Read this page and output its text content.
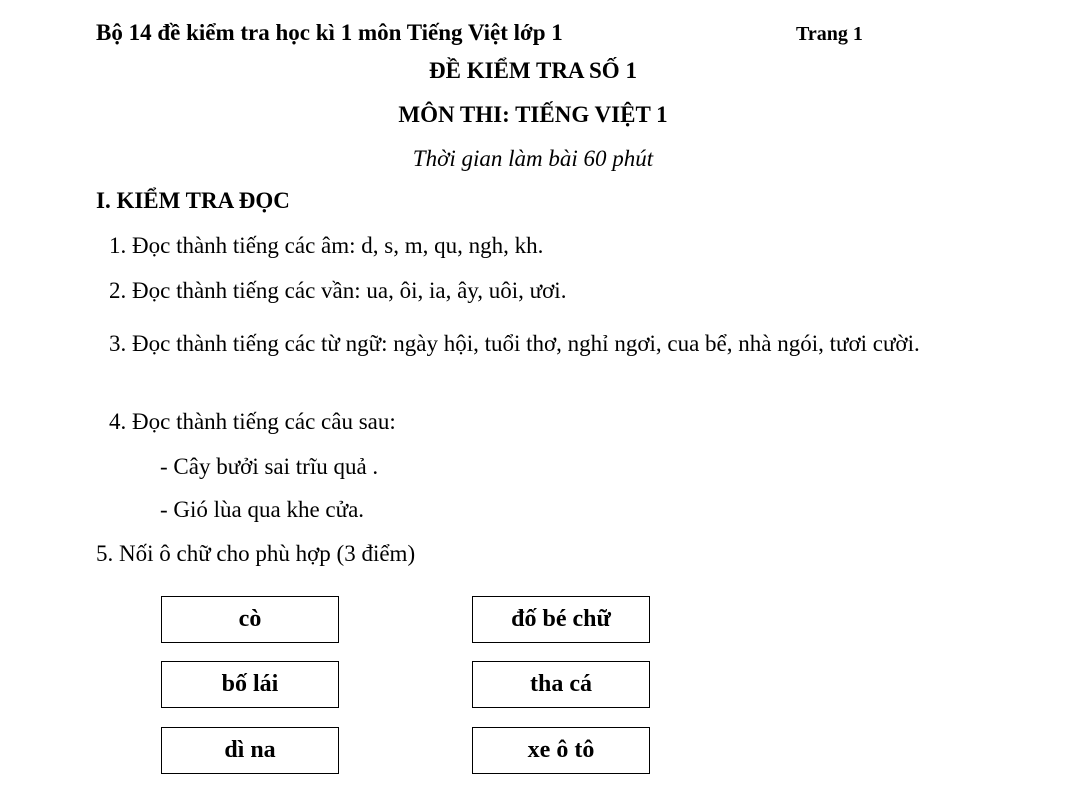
Bộ 14 đề kiểm tra học kì 1 môn Tiếng Việt lớp 1	Trang 1
ĐỀ KIỂM TRA SỐ 1
MÔN THI: TIẾNG VIỆT 1
Thời gian làm bài 60 phút
I. KIỂM TRA ĐỌC
1. Đọc thành tiếng các âm: d, s, m, qu, ngh, kh.
2. Đọc thành tiếng các vần: ua, ôi, ia, ây, uôi, ươi.
3. Đọc thành tiếng các từ ngữ: ngày hội, tuổi thơ, nghỉ ngơi, cua bể, nhà ngói, tươi cười.
4. Đọc thành tiếng các câu sau:
- Cây bưởi sai trĩu quả .
- Gió lùa qua khe cửa.
5. Nối ô chữ cho phù hợp (3 điểm)
cò
bố lái
dì na
đố bé chữ
tha cá
xe ô tô
